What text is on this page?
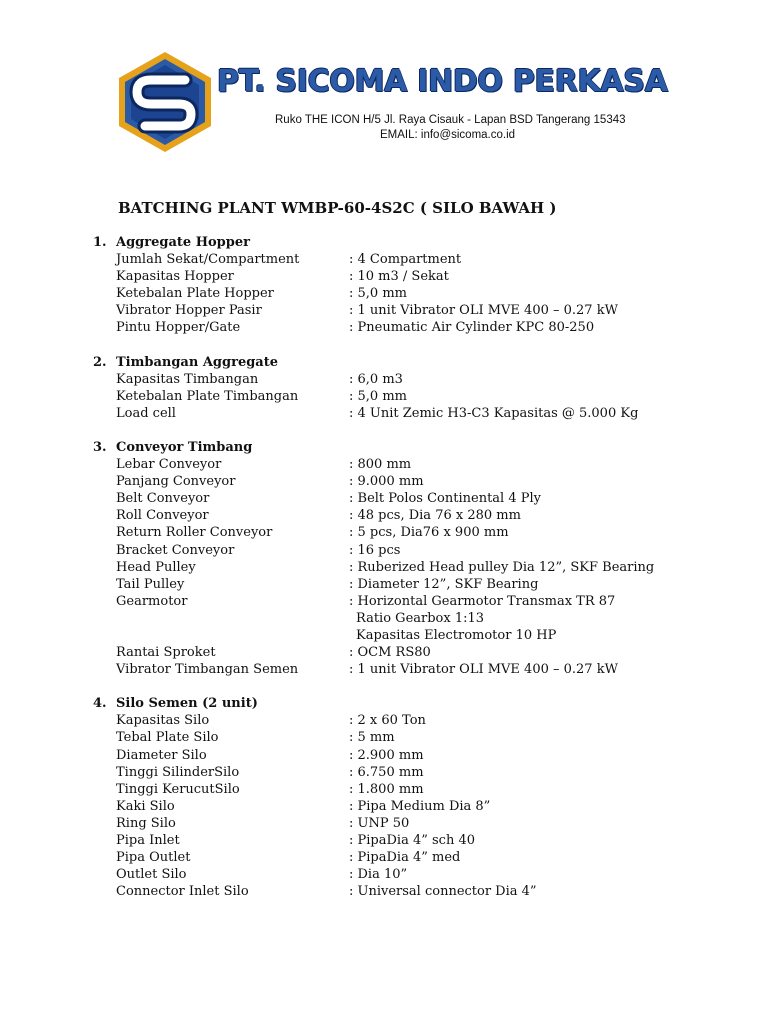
PT. SICOMA INDO PERKASA
Ruko THE ICON H/5 Jl. Raya Cisauk - Lapan BSD Tangerang 15343
EMAIL: info@sicoma.co.id
BATCHING PLANT WMBP-60-4S2C ( SILO BAWAH )
1. Aggregate Hopper
Jumlah Sekat/Compartment	: 4 Compartment
Kapasitas Hopper	: 10 m3 / Sekat
Ketebalan Plate Hopper	: 5,0 mm
Vibrator Hopper Pasir	: 1 unit Vibrator OLI MVE 400 – 0.27 kW
Pintu Hopper/Gate	: Pneumatic Air Cylinder KPC 80-250
2. Timbangan Aggregate
Kapasitas Timbangan	: 6,0 m3
Ketebalan Plate Timbangan	: 5,0 mm
Load cell	: 4 Unit Zemic H3-C3 Kapasitas @ 5.000 Kg
3. Conveyor Timbang
Lebar Conveyor	: 800 mm
Panjang Conveyor	: 9.000 mm
Belt Conveyor	: Belt Polos Continental 4 Ply
Roll Conveyor	: 48 pcs, Dia 76 x 280 mm
Return Roller Conveyor	: 5 pcs, Dia76 x 900 mm
Bracket Conveyor	: 16 pcs
Head Pulley	: Ruberized Head pulley Dia 12”, SKF Bearing
Tail Pulley	: Diameter 12”, SKF Bearing
Gearmotor	: Horizontal Gearmotor Transmax TR 87
Ratio Gearbox 1:13
Kapasitas Electromotor 10 HP
Rantai Sproket	: OCM RS80
Vibrator Timbangan Semen	: 1 unit Vibrator OLI MVE 400 – 0.27 kW
4. Silo Semen (2 unit)
Kapasitas Silo	: 2 x 60 Ton
Tebal Plate Silo	: 5 mm
Diameter Silo	: 2.900 mm
Tinggi SilinderSilo	: 6.750 mm
Tinggi KerucutSilo	: 1.800 mm
Kaki Silo	: Pipa Medium Dia 8”
Ring Silo	: UNP 50
Pipa Inlet	: PipaDia 4” sch 40
Pipa Outlet	: PipaDia 4” med
Outlet Silo	: Dia 10”
Connector Inlet Silo	: Universal connector Dia 4”
